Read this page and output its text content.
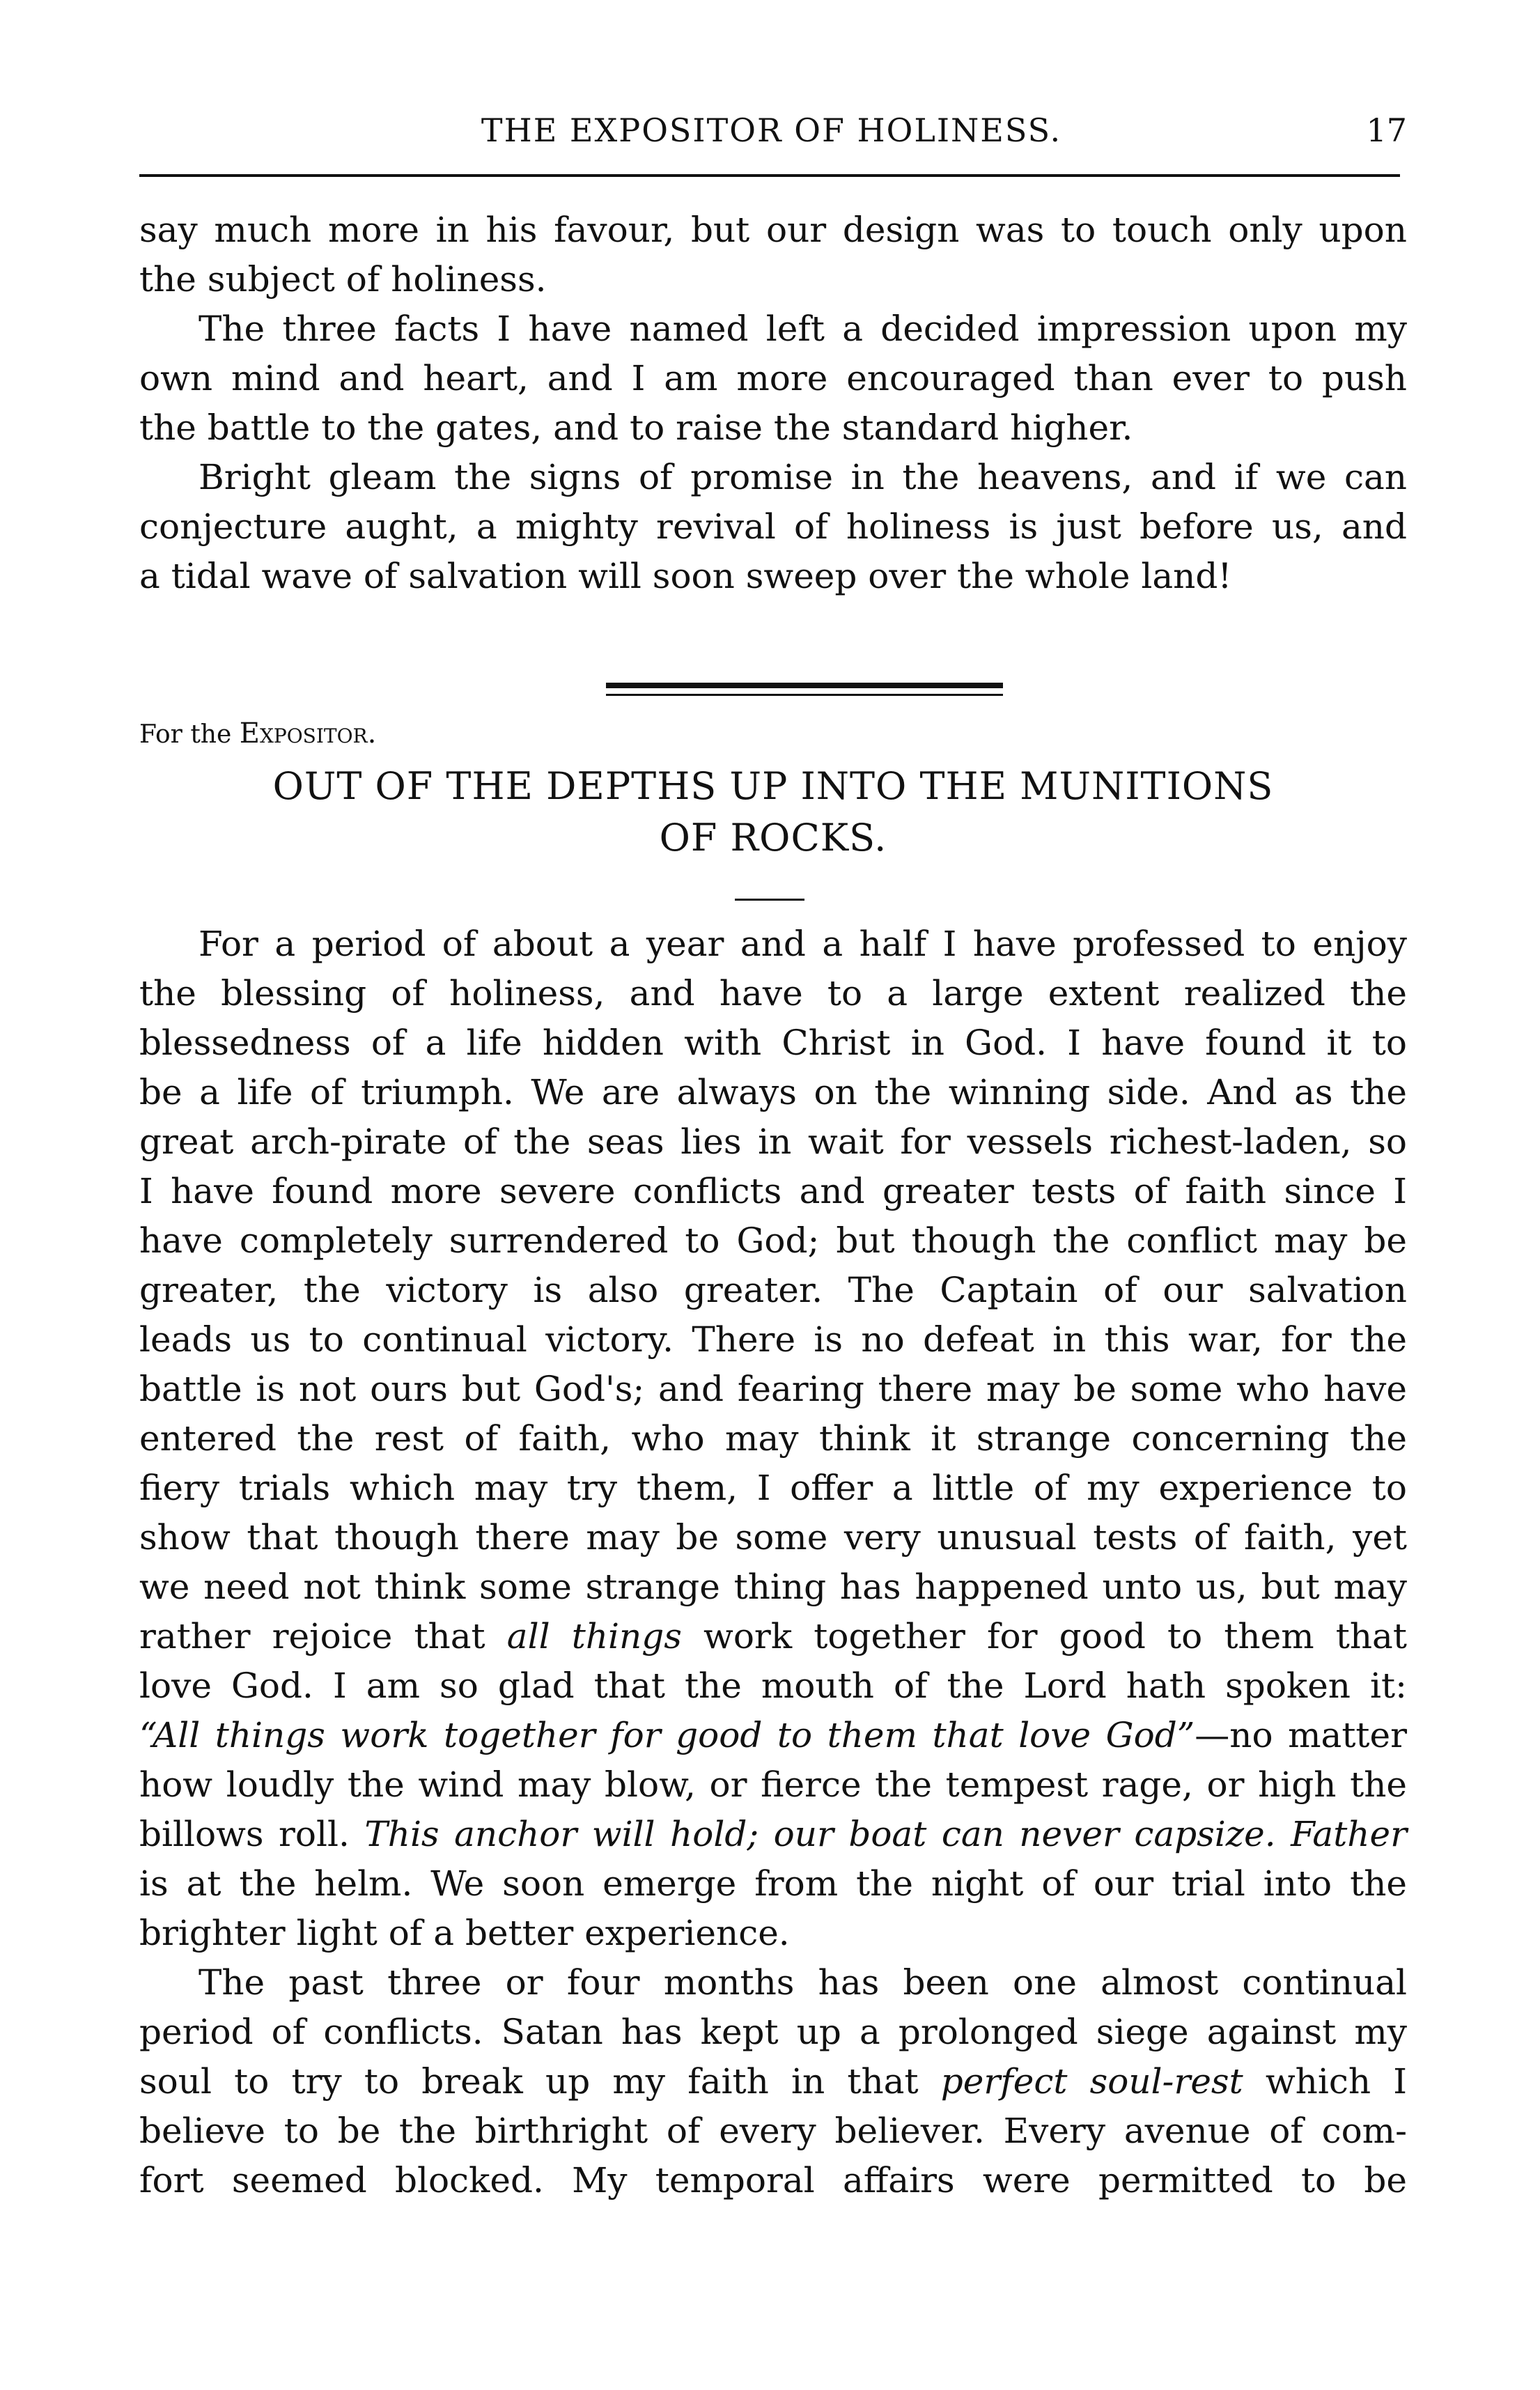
THE EXPOSITOR OF HOLINESS.	17
say much more in his favour, but our design was to touch only upon
the subject of holiness.
The three facts I have named left a decided impression upon my
own mind and heart, and I am more encouraged than ever to push
the battle to the gates, and to raise the standard higher.
Bright gleam the signs of promise in the heavens, and if we can
conjecture aught, a mighty revival of holiness is just before us, and
a tidal wave of salvation will soon sweep over the whole land!
For the Expositor.
OUT OF THE DEPTHS UP INTO THE MUNITIONS
OF ROCKS.
For a period of about a year and a half I have professed to enjoy
the blessing of holiness, and have to a large extent realized the
blessedness of a life hidden with Christ in God. I have found it to
be a life of triumph. We are always on the winning side. And as the
great arch-pirate of the seas lies in wait for vessels richest-laden, so
I have found more severe conflicts and greater tests of faith since I
have completely surrendered to God; but though the conflict may be
greater, the victory is also greater. The Captain of our salvation
leads us to continual victory. There is no defeat in this war, for the
battle is not ours but God's; and fearing there may be some who have
entered the rest of faith, who may think it strange concerning the
fiery trials which may try them, I offer a little of my experience to
show that though there may be some very unusual tests of faith, yet
we need not think some strange thing has happened unto us, but may
rather rejoice that all things work together for good to them that
love God. I am so glad that the mouth of the Lord hath spoken it:
“All things work together for good to them that love God”—no matter
how loudly the wind may blow, or fierce the tempest rage, or high the
billows roll. This anchor will hold; our boat can never capsize. Father
is at the helm. We soon emerge from the night of our trial into the
brighter light of a better experience.
The past three or four months has been one almost continual
period of conflicts. Satan has kept up a prolonged siege against my
soul to try to break up my faith in that perfect soul-rest which I
believe to be the birthright of every believer. Every avenue of com-
fort seemed blocked. My temporal affairs were permitted to be
